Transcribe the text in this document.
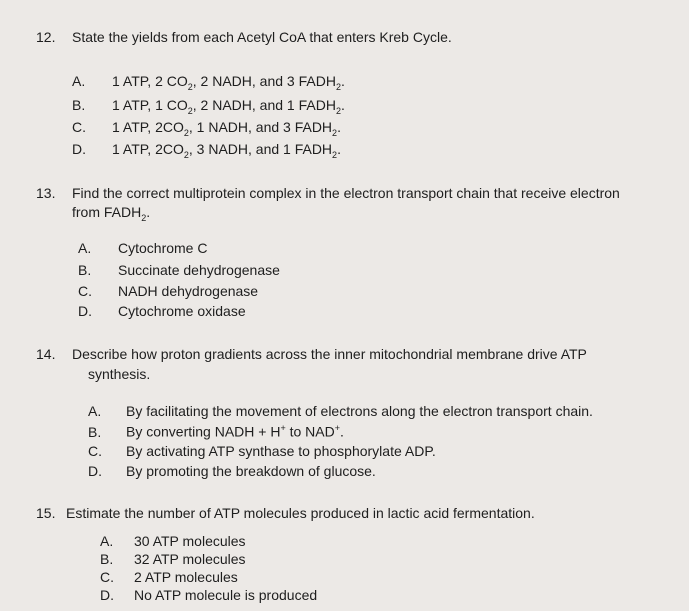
12. State the yields from each Acetyl CoA that enters Kreb Cycle.
A. 1 ATP, 2 $CO_2$, 2 NADH, and 3 $FADH_2$.
B. 1 ATP, 1 $CO_2$, 2 NADH, and 1 $FADH_2$.
C. 1 ATP, $2CO_2$, 1 NADH, and 3 $FADH_2$.
D. 1 ATP, $2CO_2$, 3 NADH, and 1 $FADH_2$.
13. Find the correct multiprotein complex in the electron transport chain that receive electron
from $FADH_2$.
A. Cytochrome C
B. Succinate dehydrogenase
C. NADH dehydrogenase
D. Cytochrome oxidase
14. Describe how proton gradients across the inner mitochondrial membrane drive ATP
synthesis.
A. By facilitating the movement of electrons along the electron transport chain.
B. By converting NADH + H+ to NAD+.
C. By activating ATP synthase to phosphorylate ADP.
D. By promoting the breakdown of glucose.
15. Estimate the number of ATP molecules produced in lactic acid fermentation.
A. 30 ATP molecules
B. 32 ATP molecules
C. 2 ATP molecules
D. No ATP molecule is produced
